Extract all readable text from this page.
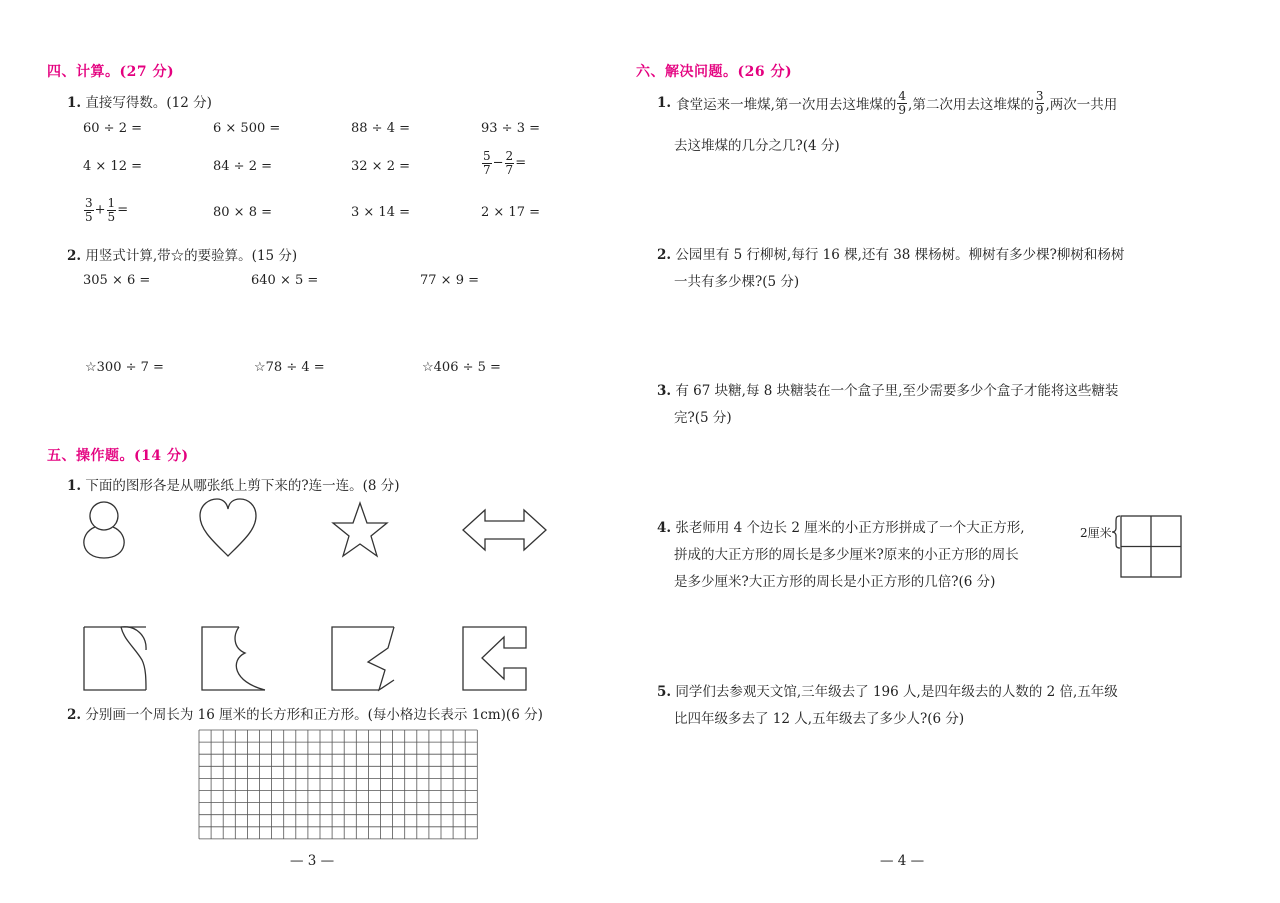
四、计算。(27 分)
1. 直接写得数。(12 分)
60 ÷ 2 =	6 × 500 =	88 ÷ 4 =	93 ÷ 3 =
4 × 12 =	84 ÷ 2 =	32 × 2 =	$\frac{5}{7} - \frac{2}{7}$ =
$\frac{3}{5} + \frac{1}{5}$ =	80 × 8 =	3 × 14 =	2 × 17 =
2. 用竖式计算,带☆的要验算。(15 分)
305 × 6 =	640 × 5 =	77 × 9 =
☆300 ÷ 7 =	☆78 ÷ 4 =	☆406 ÷ 5 =
五、操作题。(14 分)
1. 下面的图形各是从哪张纸上剪下来的?连一连。(8 分)
2. 分别画一个周长为 16 厘米的长方形和正方形。(每小格边长表示 1cm)(6 分)
— 3 —
六、解决问题。(26 分)
1. 食堂运来一堆煤,第一次用去这堆煤的 $\frac{4}{9}$ ,第二次用去这堆煤的 $\frac{3}{9}$ ,两次一共用
去这堆煤的几分之几?(4 分)
2. 公园里有 5 行柳树,每行 16 棵,还有 38 棵杨树。柳树有多少棵?柳树和杨树
一共有多少棵?(5 分)
3. 有 67 块糖,每 8 块糖装在一个盒子里,至少需要多少个盒子才能将这些糖装
完?(5 分)
4. 张老师用 4 个边长 2 厘米的小正方形拼成了一个大正方形,
拼成的大正方形的周长是多少厘米?原来的小正方形的周长
是多少厘米?大正方形的周长是小正方形的几倍?(6 分)
2厘米
5. 同学们去参观天文馆,三年级去了 196 人,是四年级去的人数的 2 倍,五年级
比四年级多去了 12 人,五年级去了多少人?(6 分)
— 4 —
